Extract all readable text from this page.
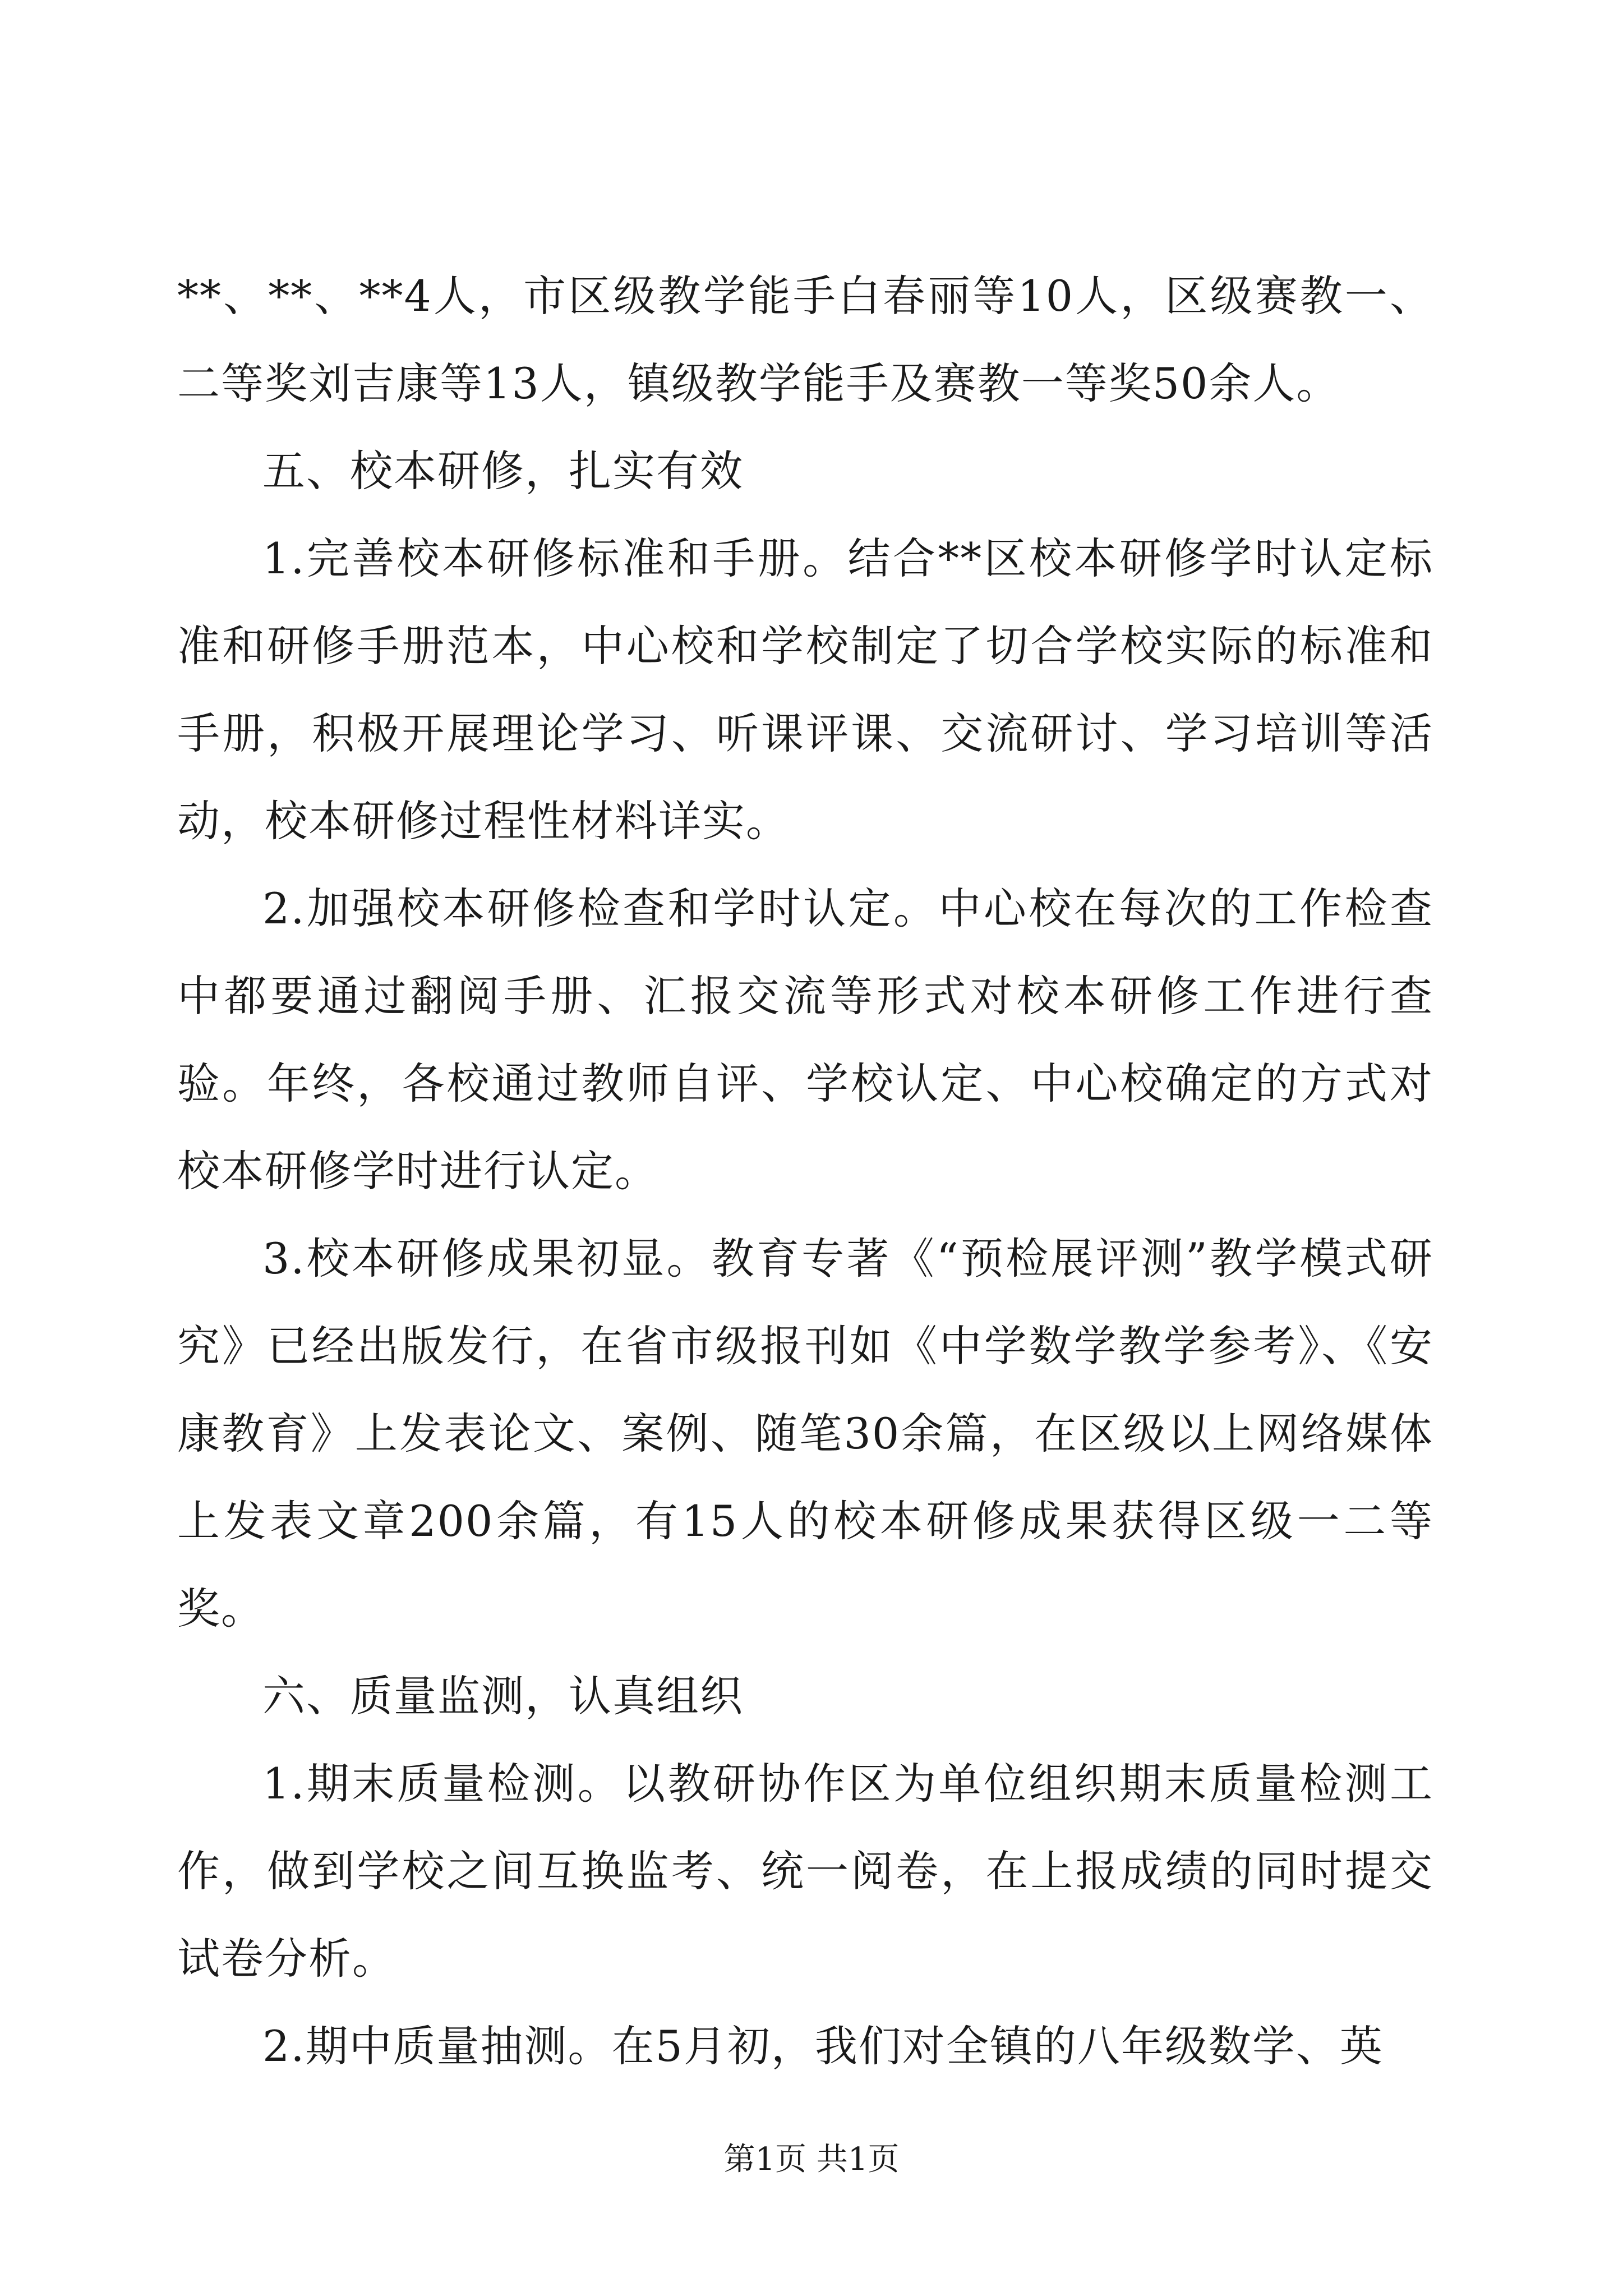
**、**、**4人，市区级教学能手白春丽等10人，区级赛教一、二等奖刘吉康等13人，镇级教学能手及赛教一等奖50余人。

五、校本研修，扎实有效

1.完善校本研修标准和手册。结合**区校本研修学时认定标准和研修手册范本，中心校和学校制定了切合学校实际的标准和手册，积极开展理论学习、听课评课、交流研讨、学习培训等活动，校本研修过程性材料详实。

2.加强校本研修检查和学时认定。中心校在每次的工作检查中都要通过翻阅手册、汇报交流等形式对校本研修工作进行查验。年终，各校通过教师自评、学校认定、中心校确定的方式对校本研修学时进行认定。

3.校本研修成果初显。教育专著《“预检展评测”教学模式研究》已经出版发行，在省市级报刊如《中学数学教学参考》、《安康教育》上发表论文、案例、随笔30余篇，在区级以上网络媒体上发表文章200余篇，有15人的校本研修成果获得区级一二等奖。

六、质量监测，认真组织

1.期末质量检测。以教研协作区为单位组织期末质量检测工作，做到学校之间互换监考、统一阅卷，在上报成绩的同时提交试卷分析。

2.期中质量抽测。在5月初，我们对全镇的八年级数学、英

第1页 共1页
